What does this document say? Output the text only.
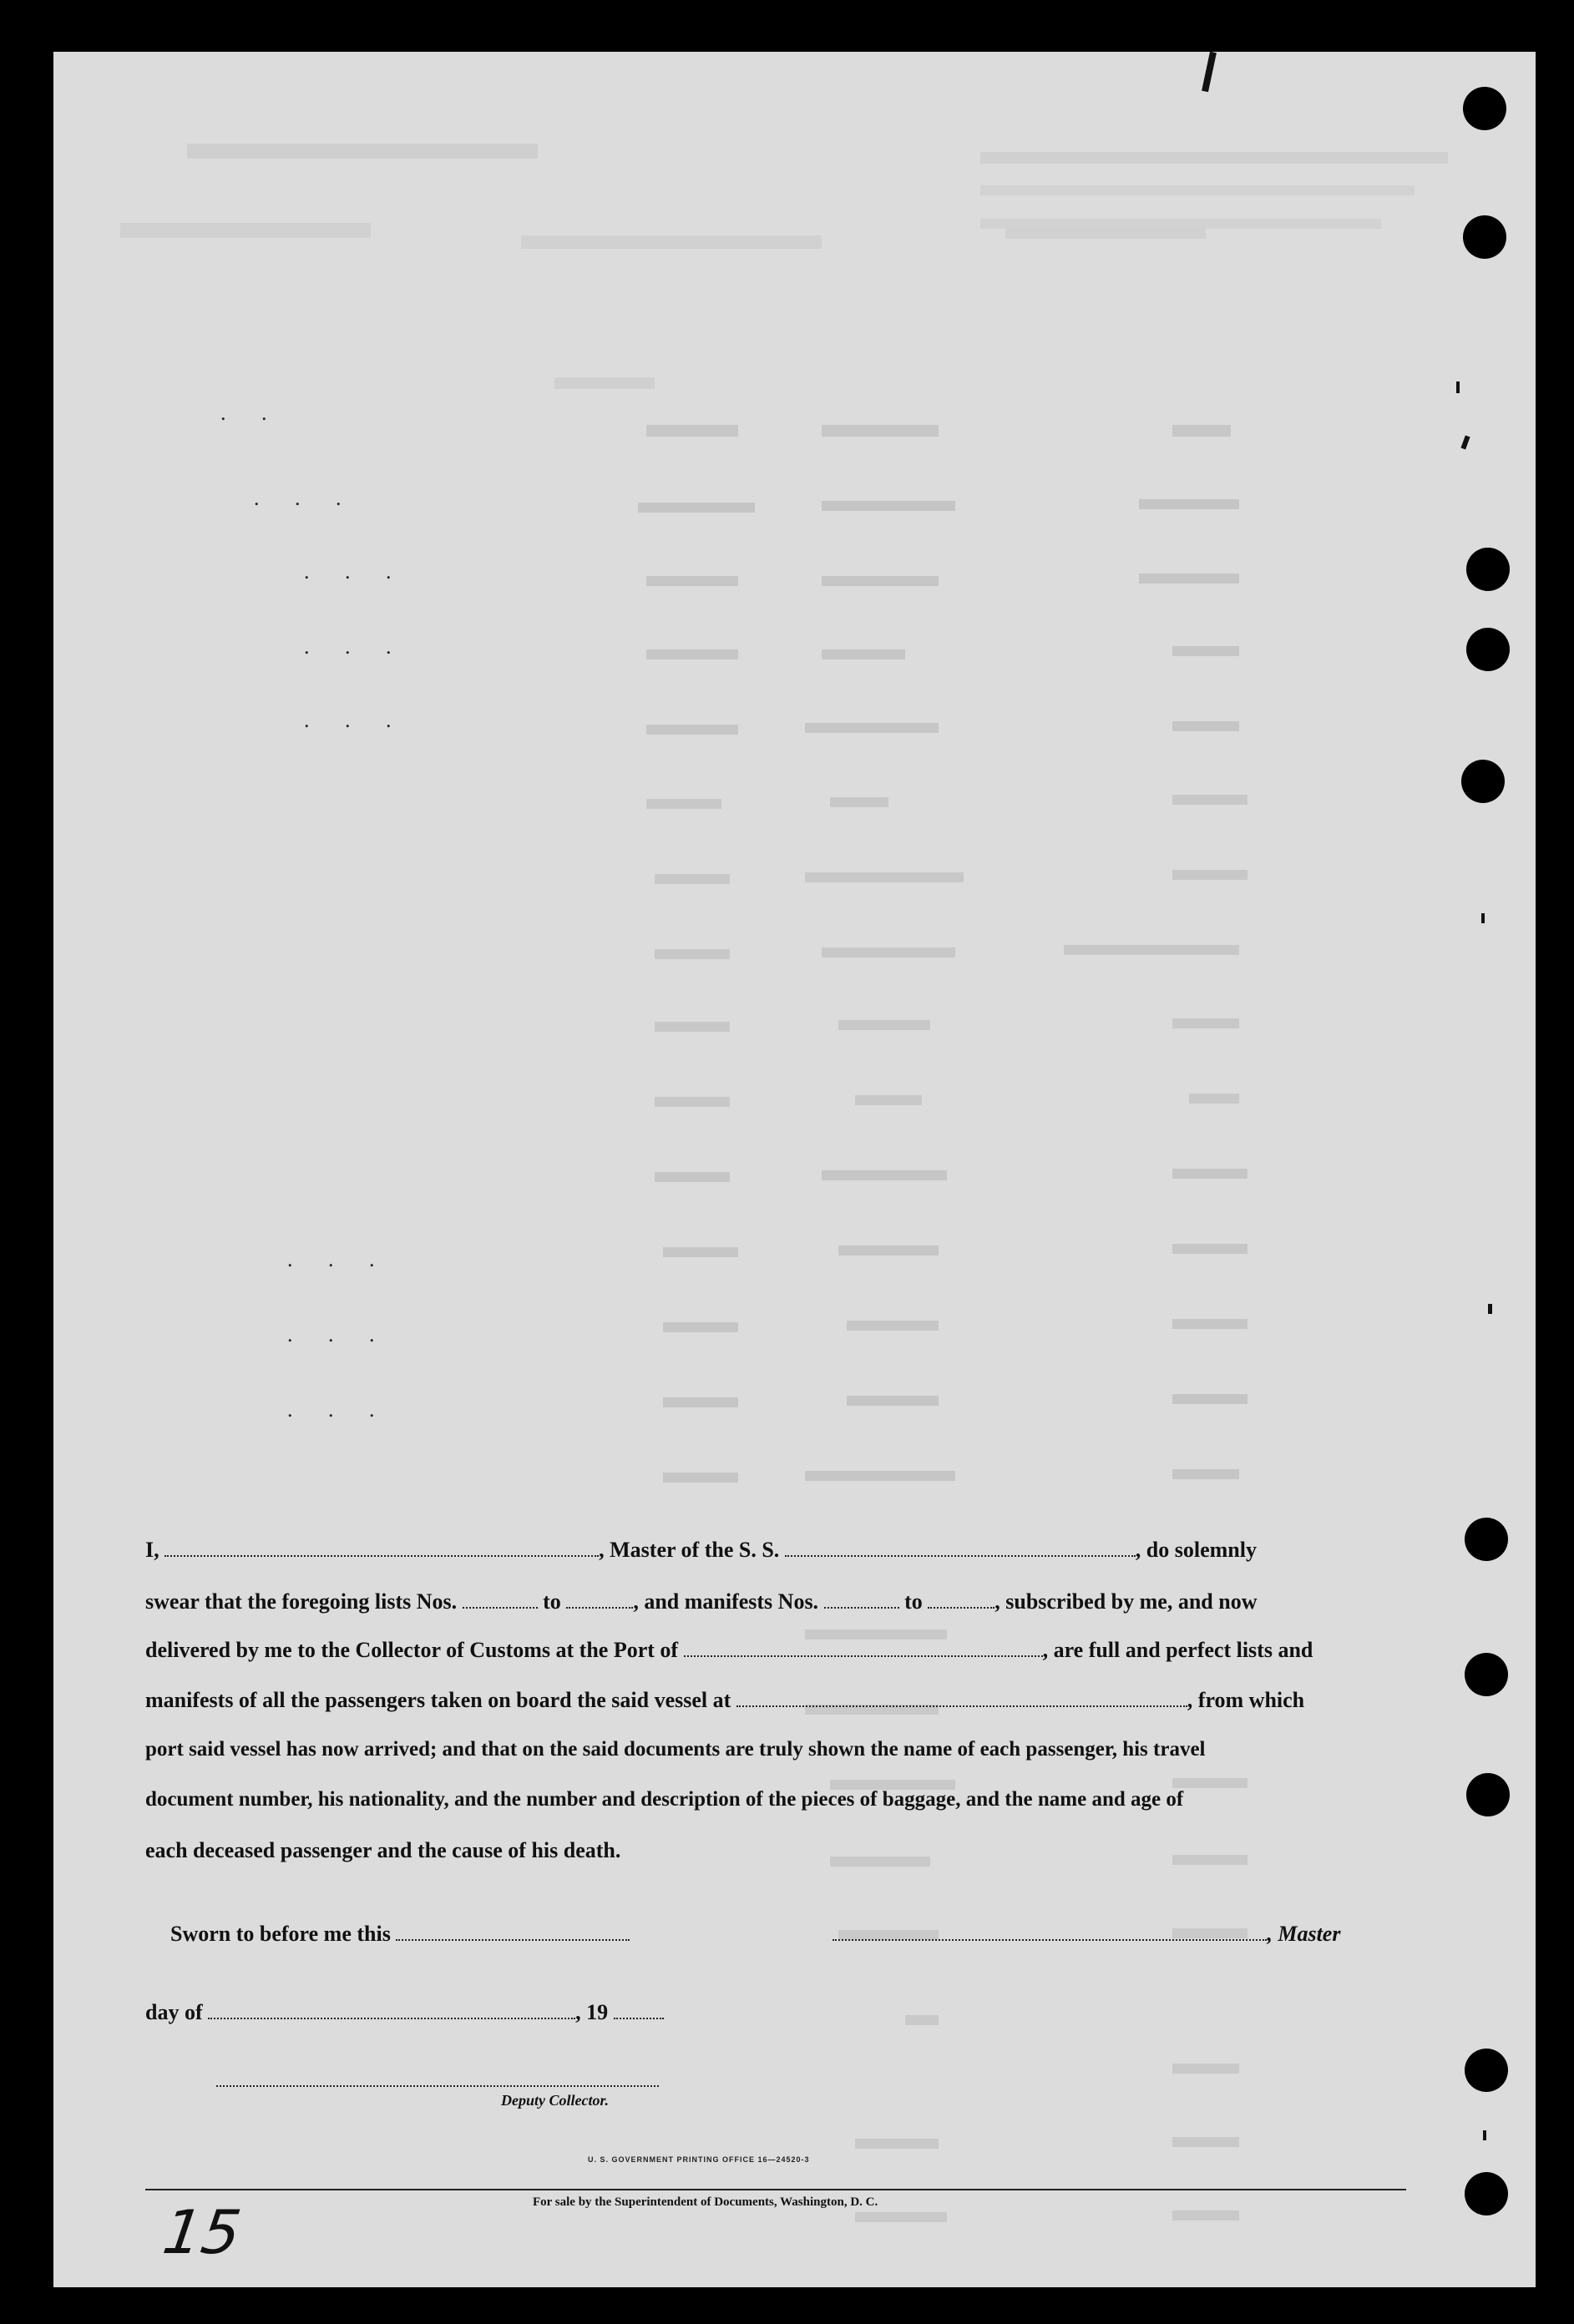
. .
. . .
. . .
. . .
. . .
. . .
. . .
. . .
I,	, Master of the S. S.	, do solemnly
swear that the foregoing lists Nos.	to	, and manifests Nos.	to	, subscribed by me, and now
delivered by me to the Collector of Customs at the Port of	, are full and perfect lists and
manifests of all the passengers taken on board the said vessel at	, from which
port said vessel has now arrived; and that on the said documents are truly shown the name of each passenger, his travel
document number, his nationality, and the number and description of the pieces of baggage, and the name and age of
each deceased passenger and the cause of his death.
Sworn to before me this	, Master
day of	, 19
Deputy Collector.
U. S. GOVERNMENT PRINTING OFFICE 16—24520-3
For sale by the Superintendent of Documents, Washington, D. C.
15
